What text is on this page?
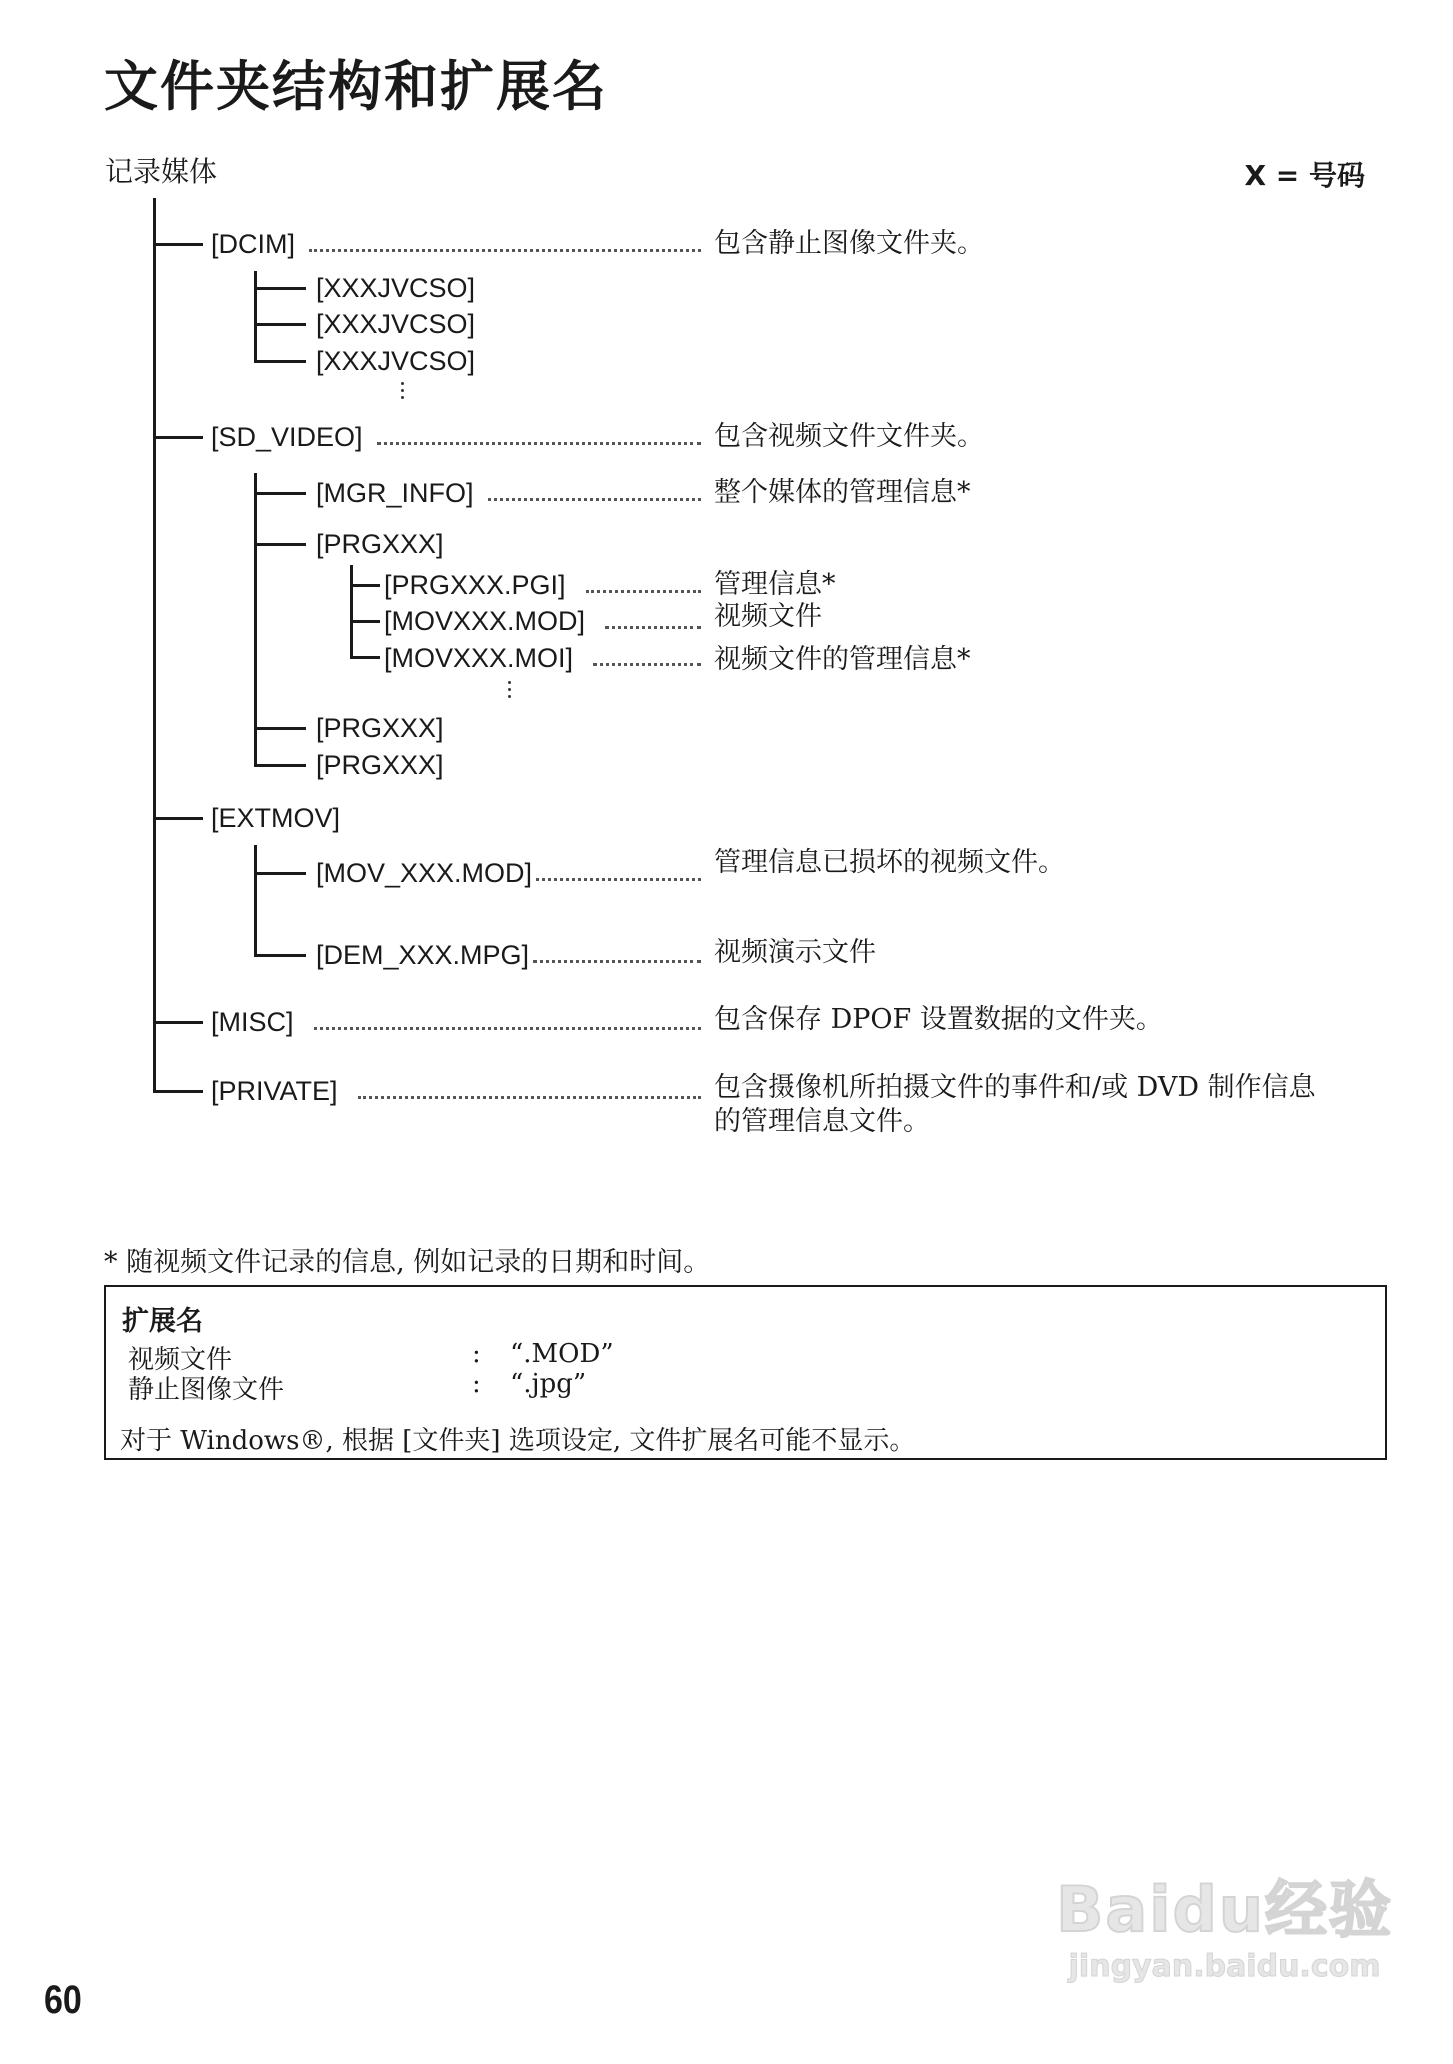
文件夹结构和扩展名
记录媒体	X = 号码
[DCIM]	包含静止图像文件夹。
[XXXJVCSO]
[XXXJVCSO]
[XXXJVCSO]
[SD_VIDEO]	包含视频文件文件夹。
[MGR_INFO]	整个媒体的管理信息*
[PRGXXX]
[PRGXXX.PGI]	管理信息*
[MOVXXX.MOD]	视频文件
[MOVXXX.MOI]	视频文件的管理信息*
[PRGXXX]
[PRGXXX]
[EXTMOV]
[MOV_XXX.MOD]	管理信息已损坏的视频文件。
[DEM_XXX.MPG]	视频演示文件
[MISC]	包含保存 DPOF 设置数据的文件夹。
[PRIVATE]	包含摄像机所拍摄文件的事件和/或 DVD 制作信息
的管理信息文件。
* 随视频文件记录的信息, 例如记录的日期和时间。
扩展名
视频文件	: “.MOD”
静止图像文件	: “.jpg”
对于 Windows®, 根据 [文件夹] 选项设定, 文件扩展名可能不显示。
60
Baidu经验
jingyan.baidu.com
